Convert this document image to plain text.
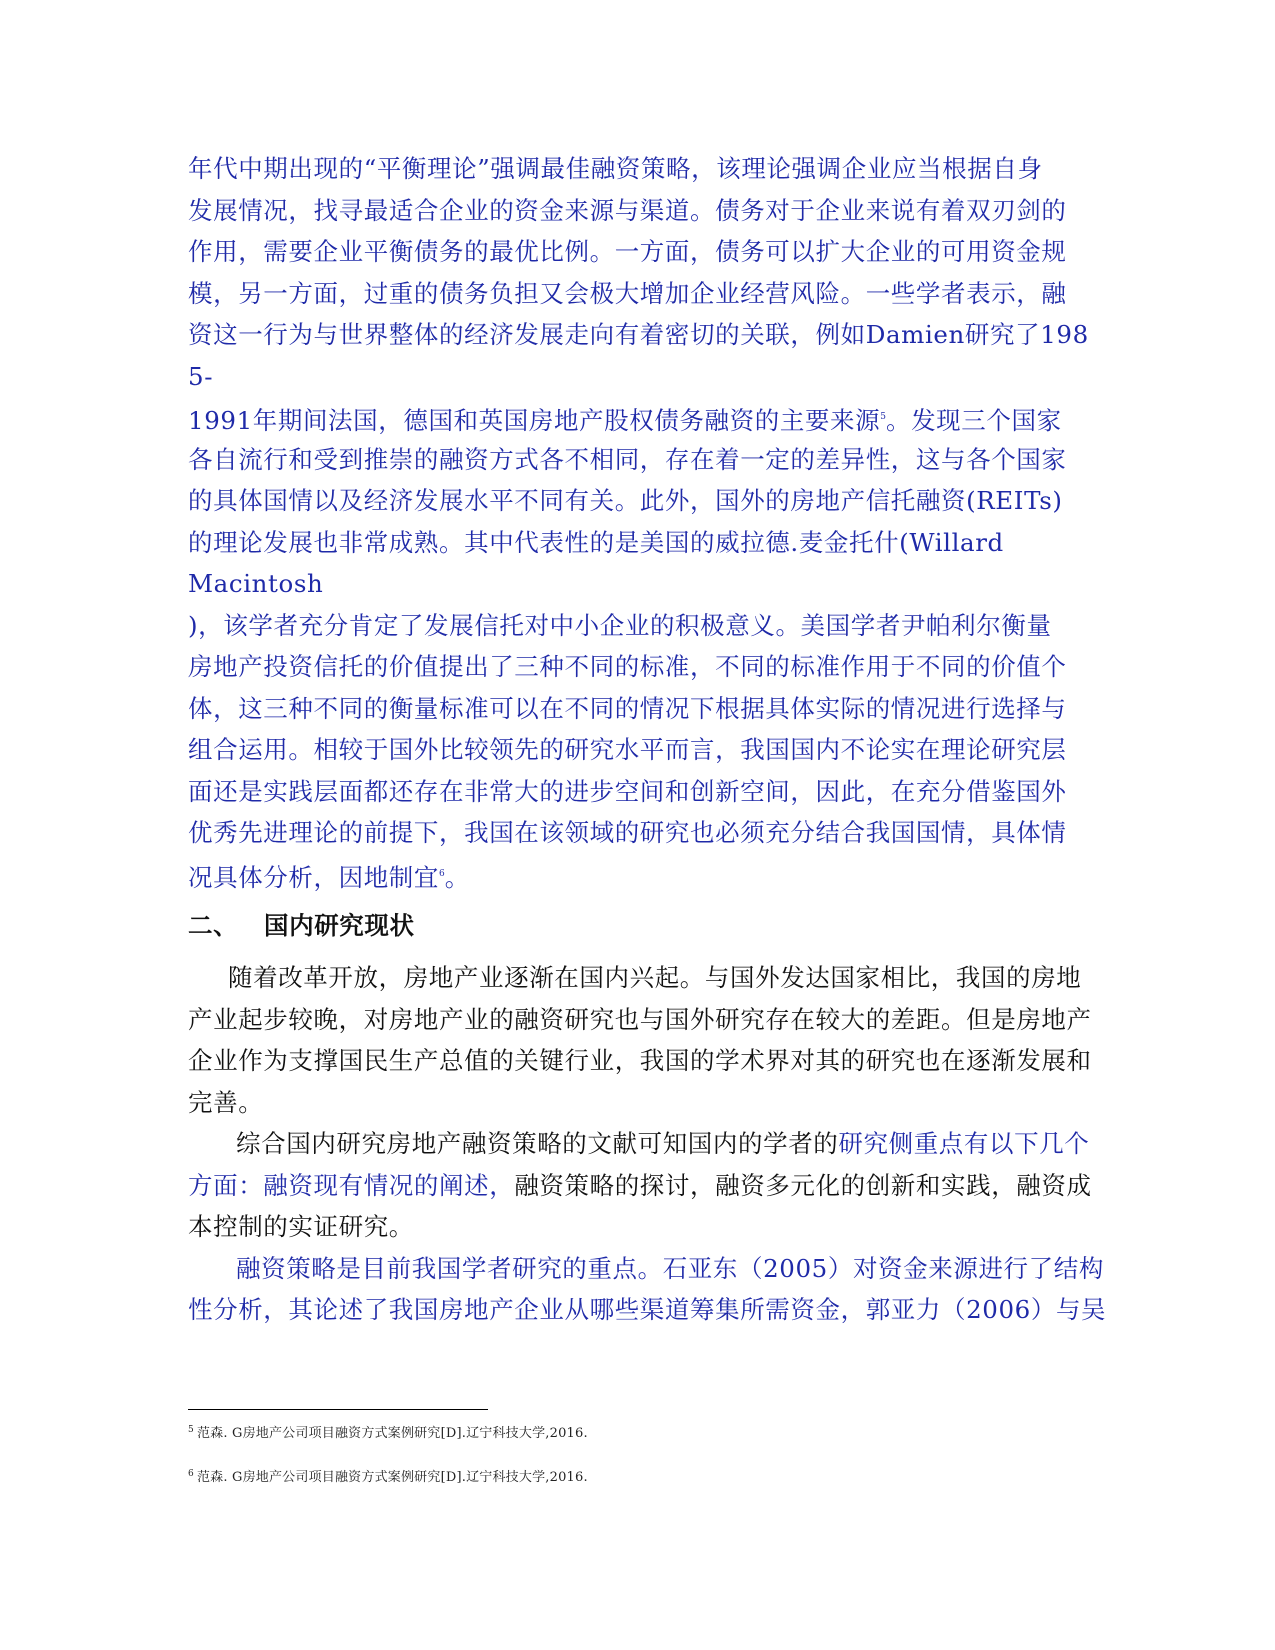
年代中期出现的“平衡理论”强调最佳融资策略，该理论强调企业应当根据自身
发展情况，找寻最适合企业的资金来源与渠道。债务对于企业来说有着双刃剑的
作用，需要企业平衡债务的最优比例。一方面，债务可以扩大企业的可用资金规
模，另一方面，过重的债务负担又会极大增加企业经营风险。一些学者表示，融
资这一行为与世界整体的经济发展走向有着密切的关联，例如Damien研究了198
5-
1991年期间法国，德国和英国房地产股权债务融资的主要来源$^5$。发现三个国家
各自流行和受到推崇的融资方式各不相同，存在着一定的差异性，这与各个国家
的具体国情以及经济发展水平不同有关。此外，国外的房地产信托融资(REITs)
的理论发展也非常成熟。其中代表性的是美国的威拉德.麦金托什(Willard
Macintosh
)，该学者充分肯定了发展信托对中小企业的积极意义。美国学者尹帕利尔衡量
房地产投资信托的价值提出了三种不同的标准，不同的标准作用于不同的价值个
体，这三种不同的衡量标准可以在不同的情况下根据具体实际的情况进行选择与
组合运用。相较于国外比较领先的研究水平而言，我国国内不论实在理论研究层
面还是实践层面都还存在非常大的进步空间和创新空间，因此，在充分借鉴国外
优秀先进理论的前提下，我国在该领域的研究也必须充分结合我国国情，具体情
况具体分析，因地制宜$^6$。
二、 国内研究现状
随着改革开放，房地产业逐渐在国内兴起。与国外发达国家相比，我国的房地
产业起步较晚，对房地产业的融资研究也与国外研究存在较大的差距。但是房地产
企业作为支撑国民生产总值的关键行业，我国的学术界对其的研究也在逐渐发展和
完善。
综合国内研究房地产融资策略的文献可知国内的学者的研究侧重点有以下几个
方面：融资现有情况的阐述，融资策略的探讨，融资多元化的创新和实践，融资成
本控制的实证研究。
融资策略是目前我国学者研究的重点。石亚东（2005）对资金来源进行了结构
性分析，其论述了我国房地产企业从哪些渠道筹集所需资金，郭亚力（2006）与吴
$^5$ 范森. G房地产公司项目融资方式案例研究[D].辽宁科技大学,2016.
$^6$ 范森. G房地产公司项目融资方式案例研究[D].辽宁科技大学,2016.
